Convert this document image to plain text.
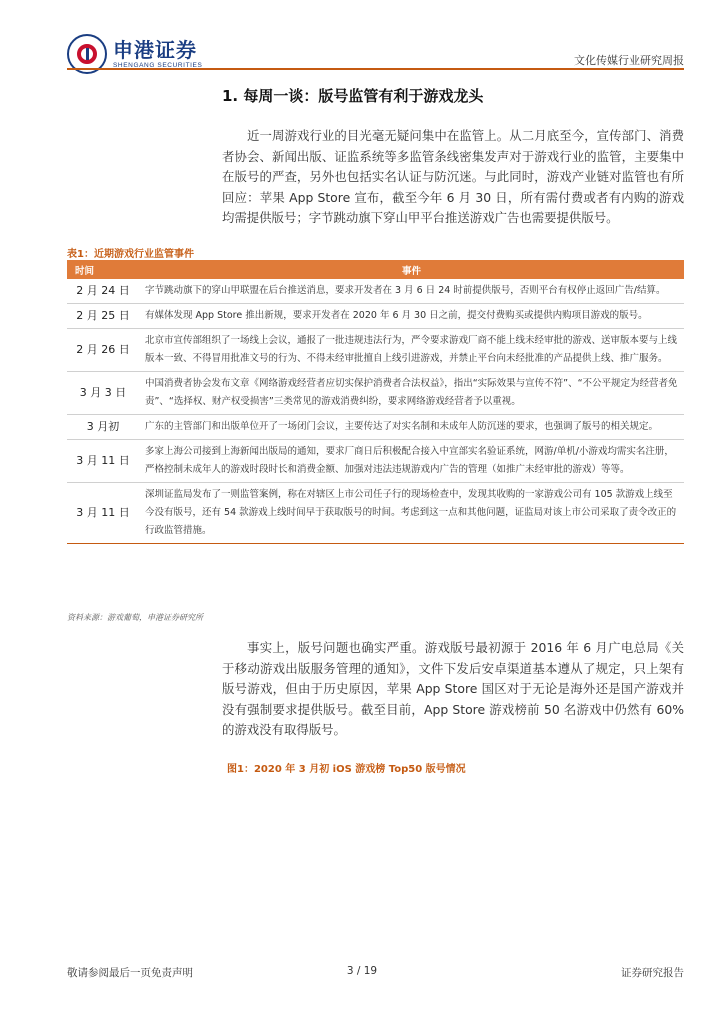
申港证券
SHENGANG SECURITIES	文化传媒行业研究周报
1. 每周一谈：版号监管有利于游戏龙头
近一周游戏行业的目光毫无疑问集中在监管上。从二月底至今，宣传部门、消费者协会、新闻出版、证监系统等多监管条线密集发声对于游戏行业的监管，主要集中在版号的严查，另外也包括实名认证与防沉迷。与此同时，游戏产业链对监管也有所回应：苹果 App Store 宣布，截至今年 6 月 30 日，所有需付费或者有内购的游戏均需提供版号；字节跳动旗下穿山甲平台推送游戏广告也需要提供版号。
表1：近期游戏行业监管事件
时间	事件
2 月 24 日	字节跳动旗下的穿山甲联盟在后台推送消息，要求开发者在 3 月 6 日 24 时前提供版号，否则平台有权停止返回广告/结算。
2 月 25 日	有媒体发现 App Store 推出新规，要求开发者在 2020 年 6 月 30 日之前，提交付费购买或提供内购项目游戏的版号。
2 月 26 日	北京市宣传部组织了一场线上会议，通报了一批违规违法行为，严令要求游戏厂商不能上线未经审批的游戏、送审版本要与上线版本一致、不得冒用批准文号的行为、不得未经审批擅自上线引进游戏，并禁止平台向未经批准的产品提供上线、推广服务。
3 月 3 日	中国消费者协会发布文章《网络游戏经营者应切实保护消费者合法权益》，指出“实际效果与宣传不符”、“不公平规定为经营者免责”、“选择权、财产权受损害”三类常见的游戏消费纠纷，要求网络游戏经营者予以重视。
3 月初	广东的主管部门和出版单位开了一场闭门会议，主要传达了对实名制和未成年人防沉迷的要求，也强调了版号的相关规定。
3 月 11 日	多家上海公司接到上海新闻出版局的通知，要求厂商日后积极配合接入中宣部实名验证系统，网游/单机/小游戏均需实名注册，严格控制未成年人的游戏时段时长和消费金额、加强对违法违规游戏内广告的管理（如推广未经审批的游戏）等等。
3 月 11 日	深圳证监局发布了一则监管案例，称在对辖区上市公司任子行的现场检查中，发现其收购的一家游戏公司有 105 款游戏上线至今没有版号，还有 54 款游戏上线时间早于获取版号的时间。考虑到这一点和其他问题，证监局对该上市公司采取了责令改正的行政监管措施。
资料来源：游戏葡萄，申港证券研究所
事实上，版号问题也确实严重。游戏版号最初源于 2016 年 6 月广电总局《关于移动游戏出版服务管理的通知》，文件下发后安卓渠道基本遵从了规定，只上架有版号游戏，但由于历史原因，苹果 App Store 国区对于无论是海外还是国产游戏并没有强制要求提供版号。截至目前，App Store 游戏榜前 50 名游戏中仍然有 60%的游戏没有取得版号。
图1：2020 年 3 月初 iOS 游戏榜 Top50 版号情况
敬请参阅最后一页免责声明	3 / 19	证券研究报告
